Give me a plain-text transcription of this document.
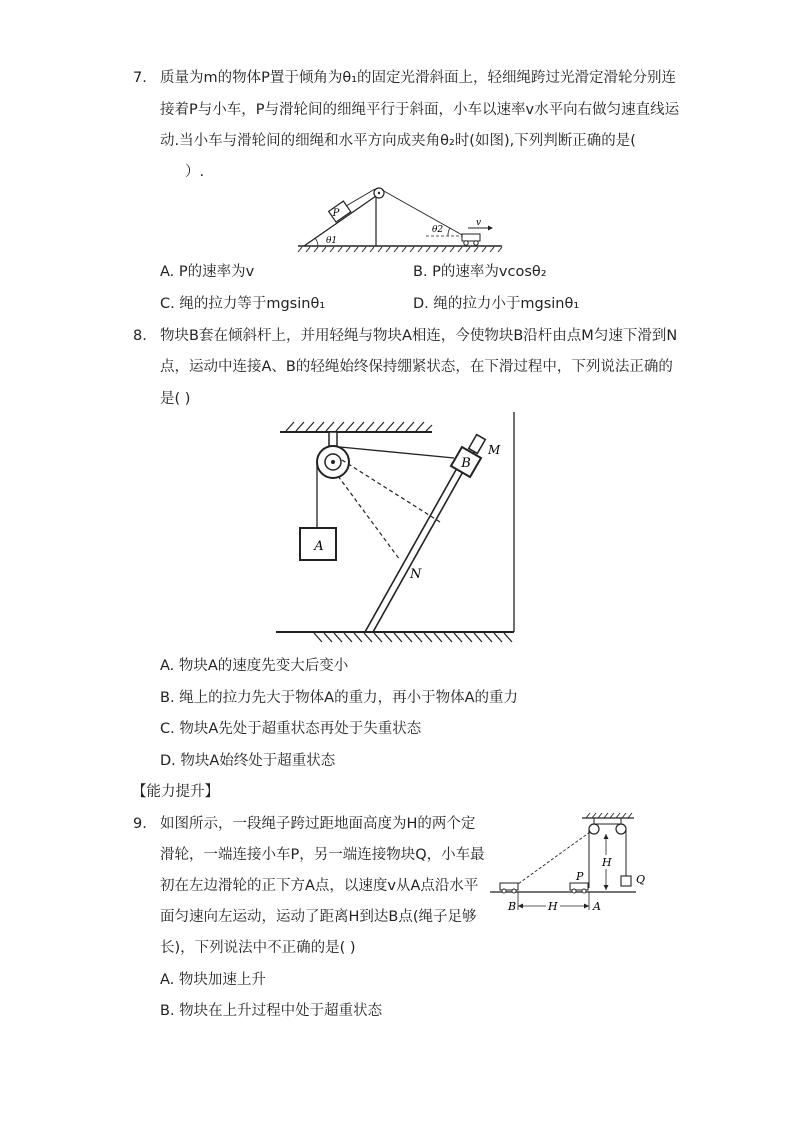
7. 质量为m的物体P置于倾角为θ₁的固定光滑斜面上，轻细绳跨过光滑定滑轮分别连
接着P与小车，P与滑轮间的细绳平行于斜面，小车以速率v水平向右做匀速直线运
动.当小车与滑轮间的细绳和水平方向成夹角θ₂时(如图),下列判断正确的是(
）.
P
θ1
θ2
v
A. P的速率为v	B. P的速率为vcosθ₂
C. 绳的拉力等于mgsinθ₁	D. 绳的拉力小于mgsinθ₁
8. 物块B套在倾斜杆上，并用轻绳与物块A相连，今使物块B沿杆由点M匀速下滑到N
点，运动中连接A、B的轻绳始终保持绷紧状态，在下滑过程中，下列说法正确的
是( )
A
M
B
N
A. 物块A的速度先变大后变小
B. 绳上的拉力先大于物体A的重力，再小于物体A的重力
C. 物块A先处于超重状态再处于失重状态
D. 物块A始终处于超重状态
【能力提升】
9. 如图所示，一段绳子跨过距地面高度为H的两个定
滑轮，一端连接小车P，另一端连接物块Q，小车最
初在左边滑轮的正下方A点，以速度v从A点沿水平
面匀速向左运动，运动了距离H到达B点(绳子足够
长)，下列说法中不正确的是( )
Q
H
P
H
B	A
A. 物块加速上升
B. 物块在上升过程中处于超重状态
